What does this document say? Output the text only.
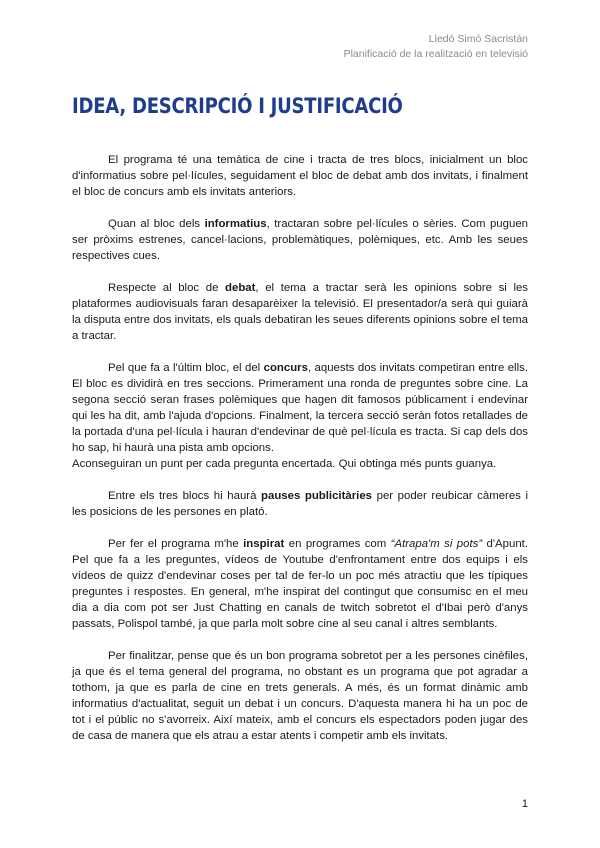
Lledó Simó Sacristán
Planificació de la realització en televisió
IDEA, DESCRIPCIÓ I JUSTIFICACIÓ

El programa té una temàtica de cine i tracta de tres blocs, inicialment un bloc d'informatius sobre pel·lícules, seguidament el bloc de debat amb dos invitats, i finalment el bloc de concurs amb els invitats anteriors.

Quan al bloc dels informatius, tractaran sobre pel·lícules o sèries. Com puguen ser pròxims estrenes, cancel·lacions, problemàtiques, polèmiques, etc. Amb les seues respectives cues.

Respecte al bloc de debat, el tema a tractar serà les opinions sobre si les plataformes audiovisuals faran desaparèixer la televisió. El presentador/a serà qui guiarà la disputa entre dos invitats, els quals debatiran les seues diferents opinions sobre el tema a tractar.

Pel que fa a l'últim bloc, el del concurs, aquests dos invitats competiran entre ells. El bloc es dividirà en tres seccions. Primerament una ronda de preguntes sobre cine. La segona secció seran frases polèmiques que hagen dit famosos públicament i endevinar qui les ha dit, amb l'ajuda d'opcions. Finalment, la tercera secció seràn fotos retallades de la portada d'una pel·lícula i hauran d'endevinar de què pel·lícula es tracta. Si cap dels dos ho sap, hi haurà una pista amb opcions.
Aconseguiran un punt per cada pregunta encertada. Qui obtinga més punts guanya.

Entre els tres blocs hi haurà pauses publicitàries per poder reubicar càmeres i les posicions de les persones en plató.

Per fer el programa m'he inspirat en programes com “Atrapa'm si pots” d'Apunt. Pel que fa a les preguntes, vídeos de Youtube d'enfrontament entre dos equips i els vídeos de quizz d'endevinar coses per tal de fer-lo un poc més atractiu que les típiques preguntes i respostes. En general, m'he inspirat del contingut que consumisc en el meu dia a dia com pot ser Just Chatting en canals de twitch sobretot el d'Ibai però d'anys passats, Polispol també, ja que parla molt sobre cine al seu canal i altres semblants.

Per finalitzar, pense que és un bon programa sobretot per a les persones cinèfiles, ja que és el tema general del programa, no obstant es un programa que pot agradar a tothom, ja que es parla de cine en trets generals. A més, és un format dinàmic amb informatius d'actualitat, seguit un debat i un concurs. D'aquesta manera hi ha un poc de tot i el públic no s'avorreix. Així mateix, amb el concurs els espectadors poden jugar des de casa de manera que els atrau a estar atents i competir amb els invitats.

1
